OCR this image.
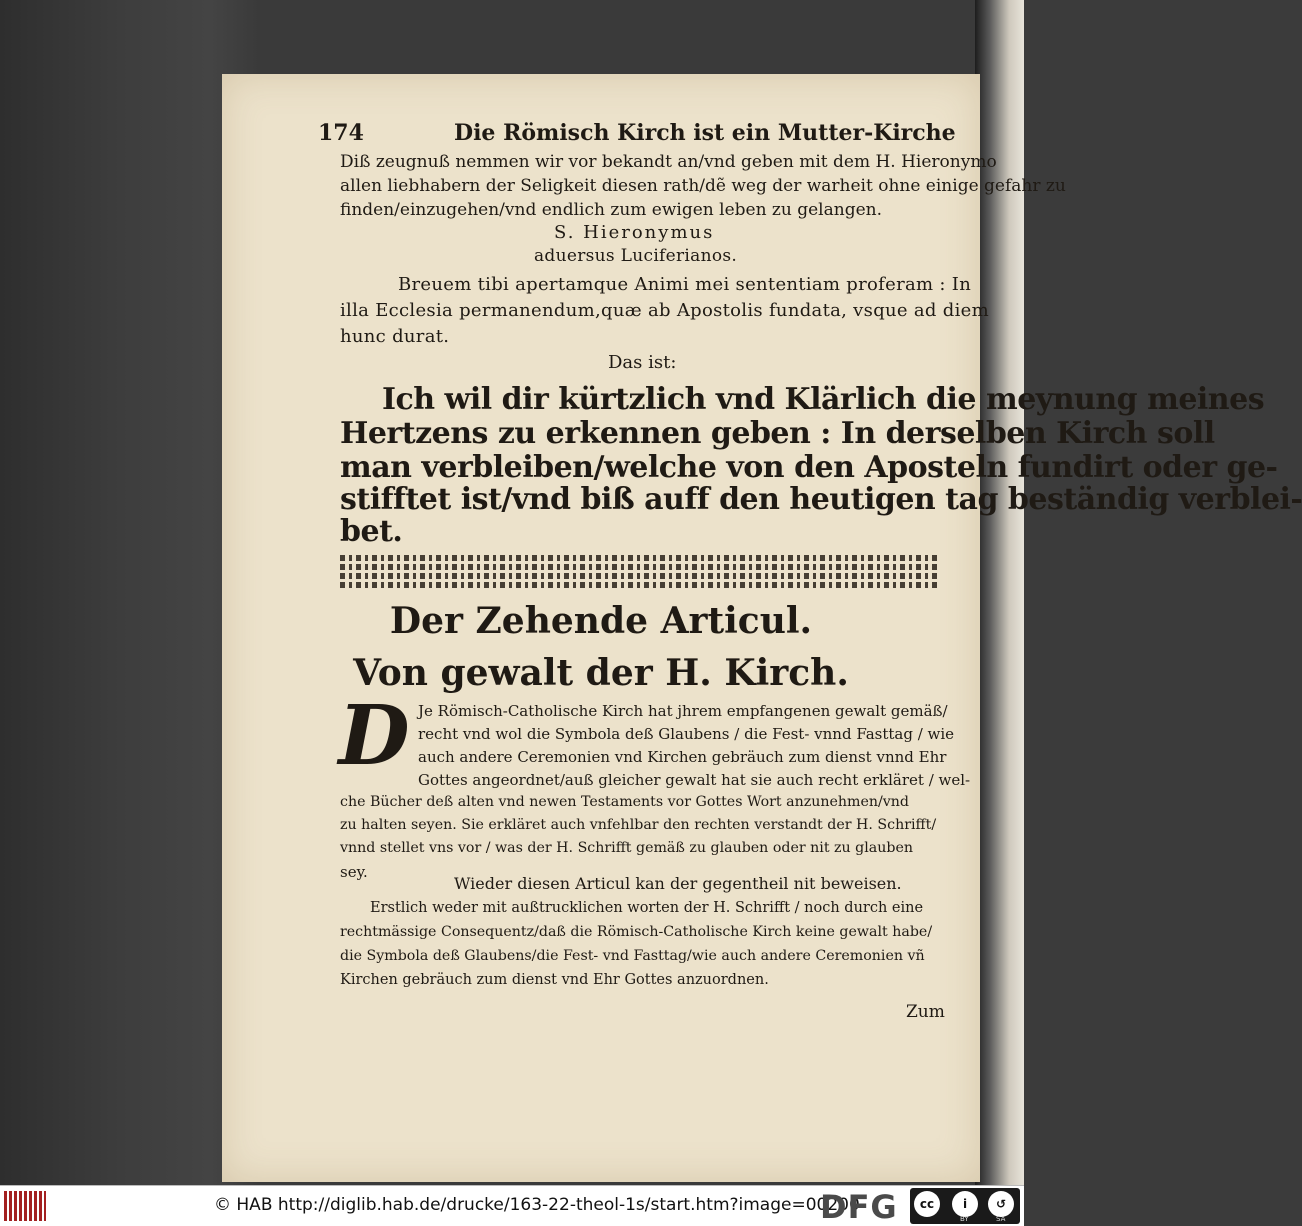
174	Die Römisch Kirch ist ein Mutter-Kirche
Diß zeugnuß nemmen wir vor bekandt an/vnd geben mit dem H. Hieronymo
allen liebhabern der Seligkeit diesen rath/dẽ weg der warheit ohne einige gefahr zu
finden/einzugehen/vnd endlich zum ewigen leben zu gelangen.
S. Hieronymus
aduersus Luciferianos.
Breuem tibi apertamque Animi mei sententiam proferam : In
illa Ecclesia permanendum,quæ ab Apostolis fundata, vsque ad diem
hunc durat.
Das ist:
Ich wil dir kürtzlich vnd Klärlich die meynung meines
Hertzens zu erkennen geben : In derselben Kirch soll
man verbleiben/welche von den Aposteln fundirt oder ge-
stifftet ist/vnd biß auff den heutigen tag beständig verblei-
bet.
Der Zehende Articul.
Von gewalt der H. Kirch.
D Je Römisch-Catholische Kirch hat jhrem empfangenen gewalt gemäß/
recht vnd wol die Symbola deß Glaubens / die Fest- vnnd Fasttag / wie
auch andere Ceremonien vnd Kirchen gebräuch zum dienst vnnd Ehr
Gottes angeordnet/auß gleicher gewalt hat sie auch recht erkläret / wel-
che Bücher deß alten vnd newen Testaments vor Gottes Wort anzunehmen/vnd
zu halten seyen. Sie erkläret auch vnfehlbar den rechten verstandt der H. Schrifft/
vnnd stellet vns vor / was der H. Schrifft gemäß zu glauben oder nit zu glauben
sey.
Wieder diesen Articul kan der gegentheil nit beweisen.
Erstlich weder mit außtrucklichen worten der H. Schrifft / noch durch eine
rechtmässige Consequentz/daß die Römisch-Catholische Kirch keine gewalt habe/
die Symbola deß Glaubens/die Fest- vnd Fasttag/wie auch andere Ceremonien vñ
Kirchen gebräuch zum dienst vnd Ehr Gottes anzuordnen.
Zum
© HAB http://diglib.hab.de/drucke/163-22-theol-1s/start.htm?image=00200
DFG	cc	i	↺
BY	SA
